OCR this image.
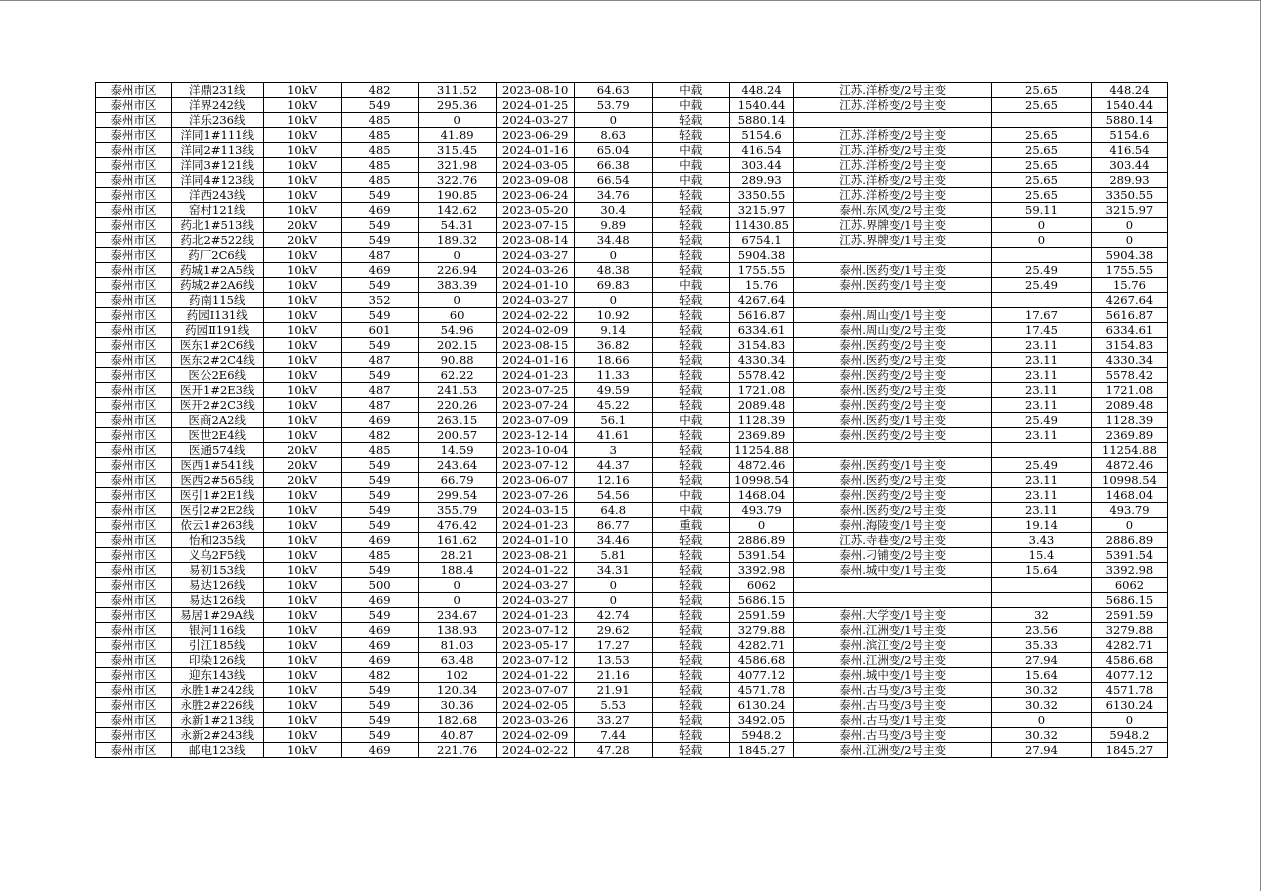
泰州市区	洋鼎231线	10kV	482	311.52	2023-08-10	64.63	中载	448.24	江苏.洋桥变/2号主变	25.65	448.24
泰州市区	洋界242线	10kV	549	295.36	2024-01-25	53.79	中载	1540.44	江苏.洋桥变/2号主变	25.65	1540.44
泰州市区	洋乐236线	10kV	485	0	2024-03-27	0	轻载	5880.14			5880.14
泰州市区	洋同1#111线	10kV	485	41.89	2023-06-29	8.63	轻载	5154.6	江苏.洋桥变/2号主变	25.65	5154.6
泰州市区	洋同2#113线	10kV	485	315.45	2024-01-16	65.04	中载	416.54	江苏.洋桥变/2号主变	25.65	416.54
泰州市区	洋同3#121线	10kV	485	321.98	2024-03-05	66.38	中载	303.44	江苏.洋桥变/2号主变	25.65	303.44
泰州市区	洋同4#123线	10kV	485	322.76	2023-09-08	66.54	中载	289.93	江苏.洋桥变/2号主变	25.65	289.93
泰州市区	洋西243线	10kV	549	190.85	2023-06-24	34.76	轻载	3350.55	江苏.洋桥变/2号主变	25.65	3350.55
泰州市区	窑村121线	10kV	469	142.62	2023-05-20	30.4	轻载	3215.97	泰州.东风变/2号主变	59.11	3215.97
泰州市区	药北1#513线	20kV	549	54.31	2023-07-15	9.89	轻载	11430.85	江苏.界牌变/1号主变	0	0
泰州市区	药北2#522线	20kV	549	189.32	2023-08-14	34.48	轻载	6754.1	江苏.界牌变/1号主变	0	0
泰州市区	药厂2C6线	10kV	487	0	2024-03-27	0	轻载	5904.38			5904.38
泰州市区	药城1#2A5线	10kV	469	226.94	2024-03-26	48.38	轻载	1755.55	泰州.医药变/1号主变	25.49	1755.55
泰州市区	药城2#2A6线	10kV	549	383.39	2024-01-10	69.83	中载	15.76	泰州.医药变/1号主变	25.49	15.76
泰州市区	药南115线	10kV	352	0	2024-03-27	0	轻载	4267.64			4267.64
泰州市区	药园I131线	10kV	549	60	2024-02-22	10.92	轻载	5616.87	泰州.周山变/1号主变	17.67	5616.87
泰州市区	药园Ⅱ191线	10kV	601	54.96	2024-02-09	9.14	轻载	6334.61	泰州.周山变/2号主变	17.45	6334.61
泰州市区	医东1#2C6线	10kV	549	202.15	2023-08-15	36.82	轻载	3154.83	泰州.医药变/2号主变	23.11	3154.83
泰州市区	医东2#2C4线	10kV	487	90.88	2024-01-16	18.66	轻载	4330.34	泰州.医药变/2号主变	23.11	4330.34
泰州市区	医公2E6线	10kV	549	62.22	2024-01-23	11.33	轻载	5578.42	泰州.医药变/2号主变	23.11	5578.42
泰州市区	医开1#2E3线	10kV	487	241.53	2023-07-25	49.59	轻载	1721.08	泰州.医药变/2号主变	23.11	1721.08
泰州市区	医开2#2C3线	10kV	487	220.26	2023-07-24	45.22	轻载	2089.48	泰州.医药变/2号主变	23.11	2089.48
泰州市区	医商2A2线	10kV	469	263.15	2023-07-09	56.1	中载	1128.39	泰州.医药变/1号主变	25.49	1128.39
泰州市区	医世2E4线	10kV	482	200.57	2023-12-14	41.61	轻载	2369.89	泰州.医药变/2号主变	23.11	2369.89
泰州市区	医通574线	20kV	485	14.59	2023-10-04	3	轻载	11254.88			11254.88
泰州市区	医西1#541线	20kV	549	243.64	2023-07-12	44.37	轻载	4872.46	泰州.医药变/1号主变	25.49	4872.46
泰州市区	医西2#565线	20kV	549	66.79	2023-06-07	12.16	轻载	10998.54	泰州.医药变/2号主变	23.11	10998.54
泰州市区	医引1#2E1线	10kV	549	299.54	2023-07-26	54.56	中载	1468.04	泰州.医药变/2号主变	23.11	1468.04
泰州市区	医引2#2E2线	10kV	549	355.79	2024-03-15	64.8	中载	493.79	泰州.医药变/2号主变	23.11	493.79
泰州市区	依云1#263线	10kV	549	476.42	2024-01-23	86.77	重载	0	泰州.海陵变/1号主变	19.14	0
泰州市区	怡和235线	10kV	469	161.62	2024-01-10	34.46	轻载	2886.89	江苏.寺巷变/2号主变	3.43	2886.89
泰州市区	义乌2F5线	10kV	485	28.21	2023-08-21	5.81	轻载	5391.54	泰州.刁铺变/2号主变	15.4	5391.54
泰州市区	易初153线	10kV	549	188.4	2024-01-22	34.31	轻载	3392.98	泰州.城中变/1号主变	15.64	3392.98
泰州市区	易达126线	10kV	500	0	2024-03-27	0	轻载	6062			6062
泰州市区	易达126线	10kV	469	0	2024-03-27	0	轻载	5686.15			5686.15
泰州市区	易居1#29A线	10kV	549	234.67	2024-01-23	42.74	轻载	2591.59	泰州.大学变/1号主变	32	2591.59
泰州市区	银河116线	10kV	469	138.93	2023-07-12	29.62	轻载	3279.88	泰州.江洲变/1号主变	23.56	3279.88
泰州市区	引江185线	10kV	469	81.03	2023-05-17	17.27	轻载	4282.71	泰州.滨江变/2号主变	35.33	4282.71
泰州市区	印染126线	10kV	469	63.48	2023-07-12	13.53	轻载	4586.68	泰州.江洲变/2号主变	27.94	4586.68
泰州市区	迎东143线	10kV	482	102	2024-01-22	21.16	轻载	4077.12	泰州.城中变/1号主变	15.64	4077.12
泰州市区	永胜1#242线	10kV	549	120.34	2023-07-07	21.91	轻载	4571.78	泰州.古马变/3号主变	30.32	4571.78
泰州市区	永胜2#226线	10kV	549	30.36	2024-02-05	5.53	轻载	6130.24	泰州.古马变/3号主变	30.32	6130.24
泰州市区	永新1#213线	10kV	549	182.68	2023-03-26	33.27	轻载	3492.05	泰州.古马变/1号主变	0	0
泰州市区	永新2#243线	10kV	549	40.87	2024-02-09	7.44	轻载	5948.2	泰州.古马变/3号主变	30.32	5948.2
泰州市区	邮电123线	10kV	469	221.76	2024-02-22	47.28	轻载	1845.27	泰州.江洲变/2号主变	27.94	1845.27
